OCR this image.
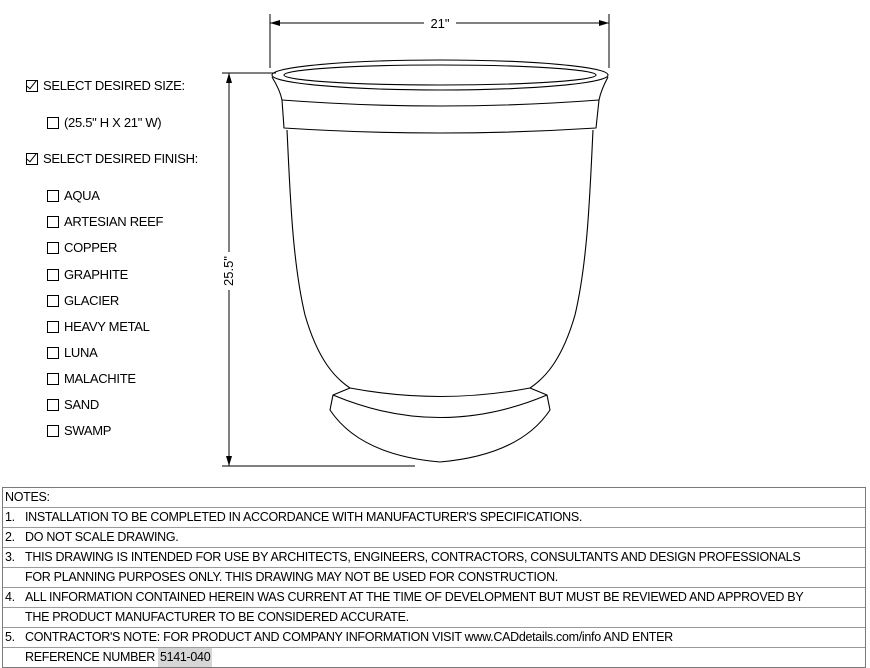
21"
25.5"
SELECT DESIRED SIZE:
(25.5" H X 21" W)
SELECT DESIRED FINISH:
AQUA
ARTESIAN REEF
COPPER
GRAPHITE
GLACIER
HEAVY METAL
LUNA
MALACHITE
SAND
SWAMP
NOTES:
1. INSTALLATION TO BE COMPLETED IN ACCORDANCE WITH MANUFACTURER'S SPECIFICATIONS.
2. DO NOT SCALE DRAWING.
3. THIS DRAWING IS INTENDED FOR USE BY ARCHITECTS, ENGINEERS, CONTRACTORS, CONSULTANTS AND DESIGN PROFESSIONALS
FOR PLANNING PURPOSES ONLY. THIS DRAWING MAY NOT BE USED FOR CONSTRUCTION.
4. ALL INFORMATION CONTAINED HEREIN WAS CURRENT AT THE TIME OF DEVELOPMENT BUT MUST BE REVIEWED AND APPROVED BY
THE PRODUCT MANUFACTURER TO BE CONSIDERED ACCURATE.
5. CONTRACTOR'S NOTE: FOR PRODUCT AND COMPANY INFORMATION VISIT www.CADdetails.com/info AND ENTER
REFERENCE NUMBER 5141-040
